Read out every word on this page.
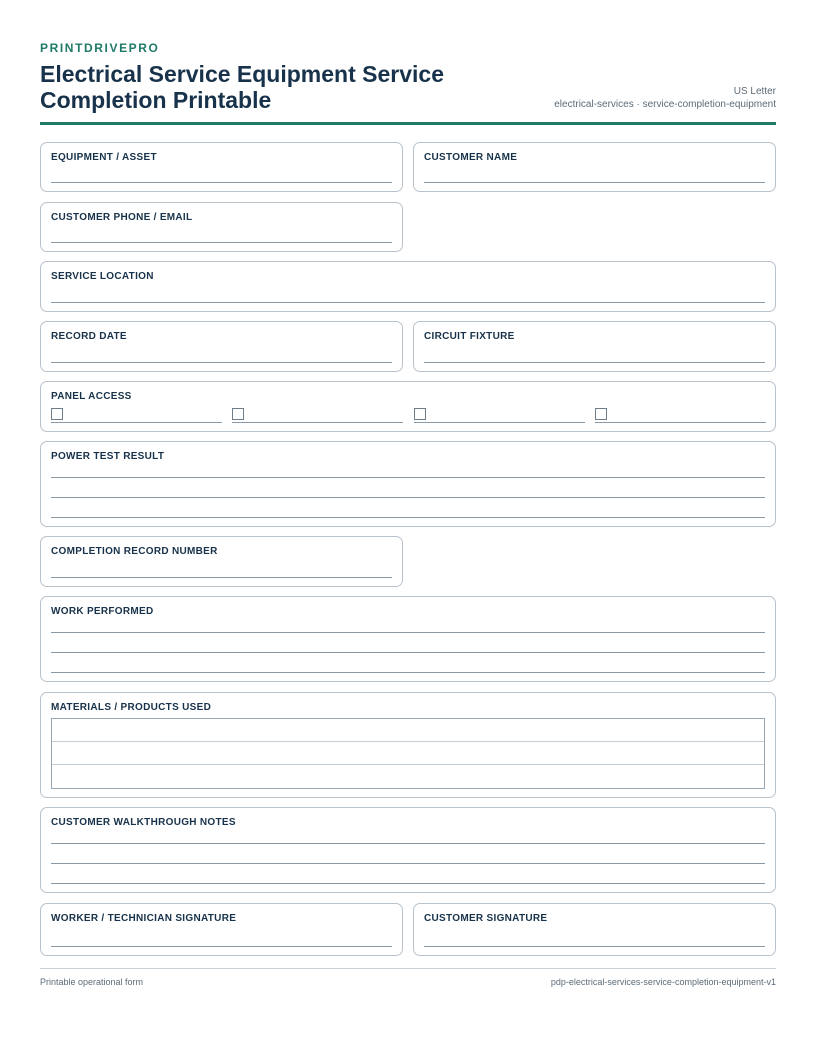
PRINTDRIVEPRO
Electrical Service Equipment Service Completion Printable	US Letter
electrical-services · service-completion-equipment
EQUIPMENT / ASSET	CUSTOMER NAME
CUSTOMER PHONE / EMAIL
SERVICE LOCATION
RECORD DATE	CIRCUIT FIXTURE
PANEL ACCESS
POWER TEST RESULT
COMPLETION RECORD NUMBER
WORK PERFORMED
MATERIALS / PRODUCTS USED
CUSTOMER WALKTHROUGH NOTES
WORKER / TECHNICIAN SIGNATURE	CUSTOMER SIGNATURE
Printable operational form	pdp-electrical-services-service-completion-equipment-v1
